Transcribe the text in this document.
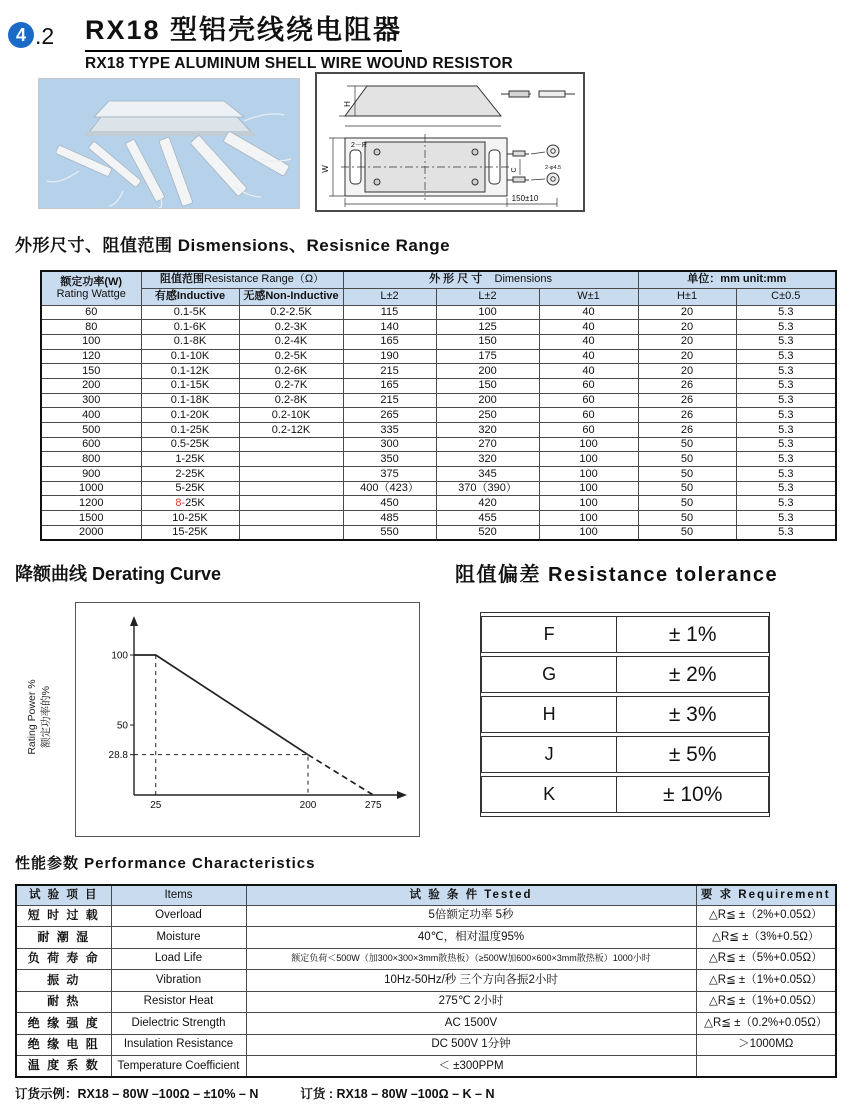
4 .2 RX18 型铝壳线绕电阻器
RX18 TYPE ALUMINUM SHELL WIRE WOUND RESISTOR
H
W
2－R
C	2-φ4.5
150±10
外形尺寸、阻值范围 Dismensions、Resisnice Range
额定功率(W)
Rating Wattge	阻值范围Resistance Range（Ω）		外 形 尺 寸 Dimensions			单位：mm unit:mm	
	有感Inductive	无感Non-Inductive	L±2	L±2	W±1	H±1	C±0.5
60	0.1-5K	0.2-2.5K	115	100	40	20	5.3
80	0.1-6K	0.2-3K	140	125	40	20	5.3
100	0.1-8K	0.2-4K	165	150	40	20	5.3
120	0.1-10K	0.2-5K	190	175	40	20	5.3
150	0.1-12K	0.2-6K	215	200	40	20	5.3
200	0.1-15K	0.2-7K	165	150	60	26	5.3
300	0.1-18K	0.2-8K	215	200	60	26	5.3
400	0.1-20K	0.2-10K	265	250	60	26	5.3
500	0.1-25K	0.2-12K	335	320	60	26	5.3
600	0.5-25K		300	270	100	50	5.3
800	1-25K		350	320	100	50	5.3
900	2-25K		375	345	100	50	5.3
1000	5-25K		400（423）	370（390）	100	50	5.3
1200	8-25K		450	420	100	50	5.3
1500	10-25K		485	455	100	50	5.3
2000	15-25K		550	520	100	50	5.3
降额曲线 Derating Curve	阻值偏差 Resistance tolerance
Rating Power % 额定功率的%
100
50
28.8
25	200	275
F	± 1%
G	± 2%
H	± 3%
J	± 5%
K	± 10%
性能参数 Performance Characteristics
试 验 项 目	Items	试 验 条 件 Tested	要 求 Requirement
短 时 过 载	Overload	5倍额定功率 5秒	△R≦ ±（2%+0.05Ω）
耐 潮 湿	Moisture	40℃，相对温度95%	△R≦ ±（3%+0.5Ω）
负 荷 寿 命	Load Life	额定负荷＜500W（加300×300×3mm散热板）（≥500W加600×600×3mm散热板）1000小时	△R≦ ±（5%+0.05Ω）
振 动	Vibration	10Hz-50Hz/秒 三个方向各振2小时	△R≦ ±（1%+0.05Ω）
耐 热	Resistor Heat	275℃ 2小时	△R≦ ±（1%+0.05Ω）
绝 缘 强 度	Dielectric Strength	AC 1500V	△R≦ ±（0.2%+0.05Ω）
绝 缘 电 阻	Insulation Resistance	DC 500V 1分钟	＞1000MΩ
温 度 系 数	Temperature Coefficient	＜ ±300PPM	
订货示例：RX18 – 80W –100Ω – ±10% – N	订货 : RX18 – 80W –100Ω – K – N
